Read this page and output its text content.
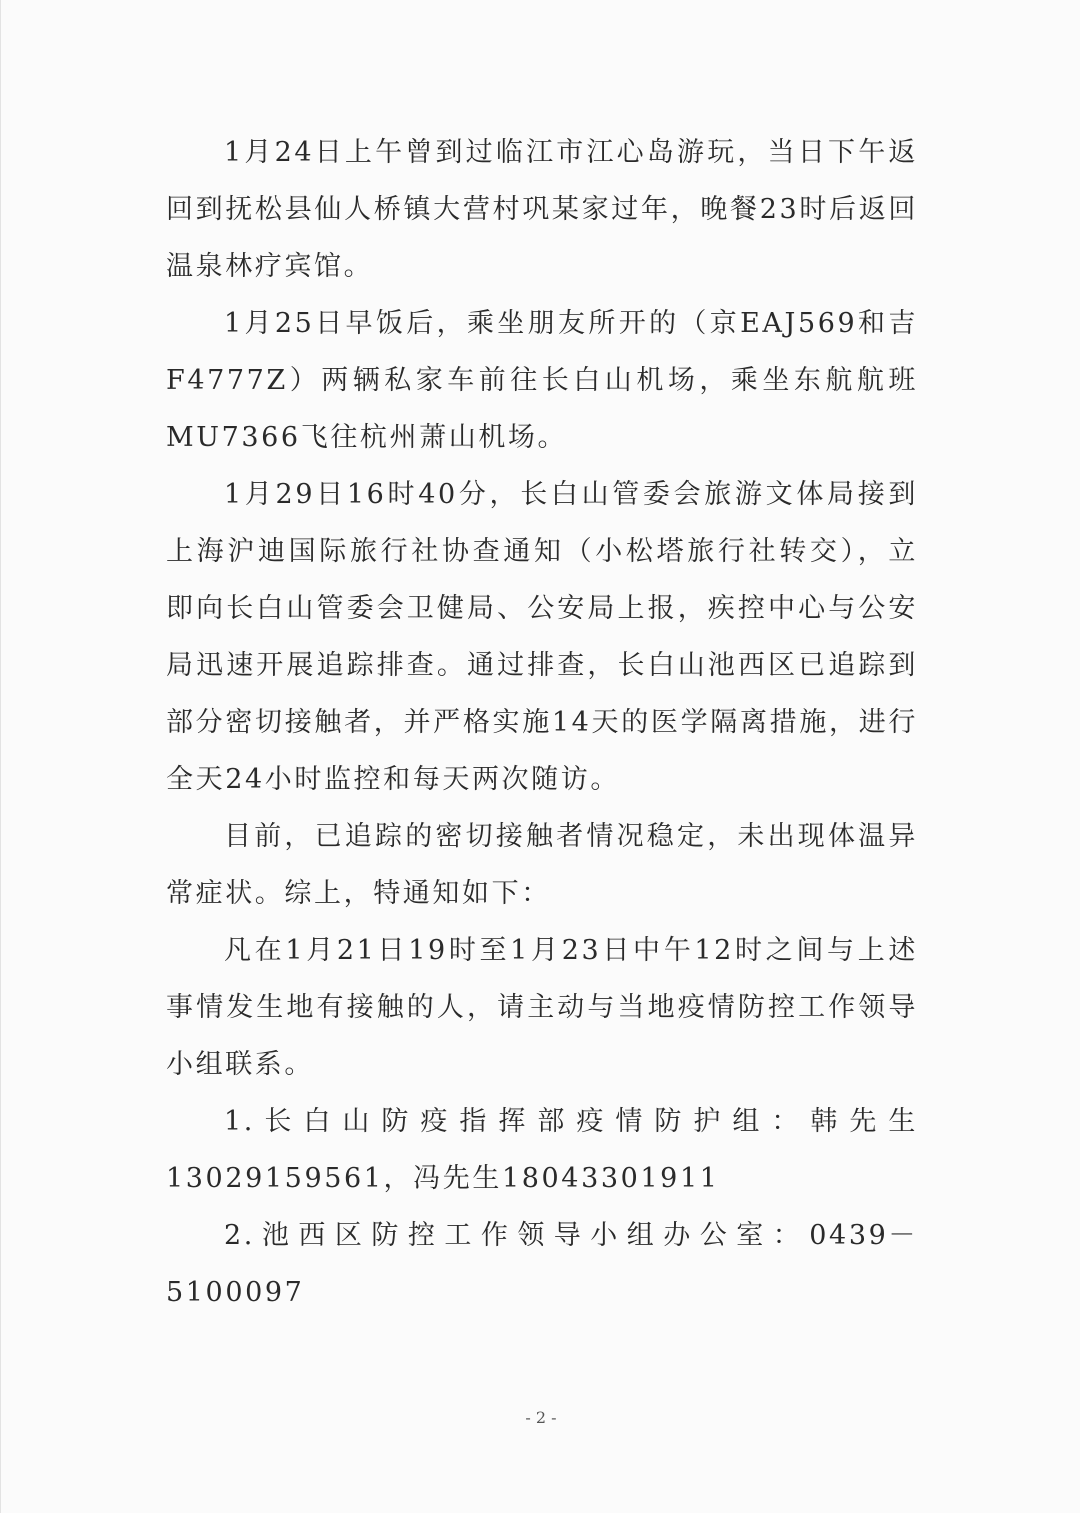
1月24日上午曾到过临江市江心岛游玩，当日下午返回到抚松县仙人桥镇大营村巩某家过年，晚餐23时后返回温泉林疗宾馆。

1月25日早饭后，乘坐朋友所开的（京EAJ569和吉F4777Z）两辆私家车前往长白山机场，乘坐东航航班MU7366飞往杭州萧山机场。

1月29日16时40分，长白山管委会旅游文体局接到上海沪迪国际旅行社协查通知（小松塔旅行社转交），立即向长白山管委会卫健局、公安局上报，疾控中心与公安局迅速开展追踪排查。通过排查，长白山池西区已追踪到部分密切接触者，并严格实施14天的医学隔离措施，进行全天24小时监控和每天两次随访。

目前，已追踪的密切接触者情况稳定，未出现体温异常症状。综上，特通知如下：

凡在1月21日19时至1月23日中午12时之间与上述事情发生地有接触的人，请主动与当地疫情防控工作领导小组联系。

1.长白山防疫指挥部疫情防护组：韩先生13029159561，冯先生18043301911

2.池西区防控工作领导小组办公室：0439－5100097

- 2 -
